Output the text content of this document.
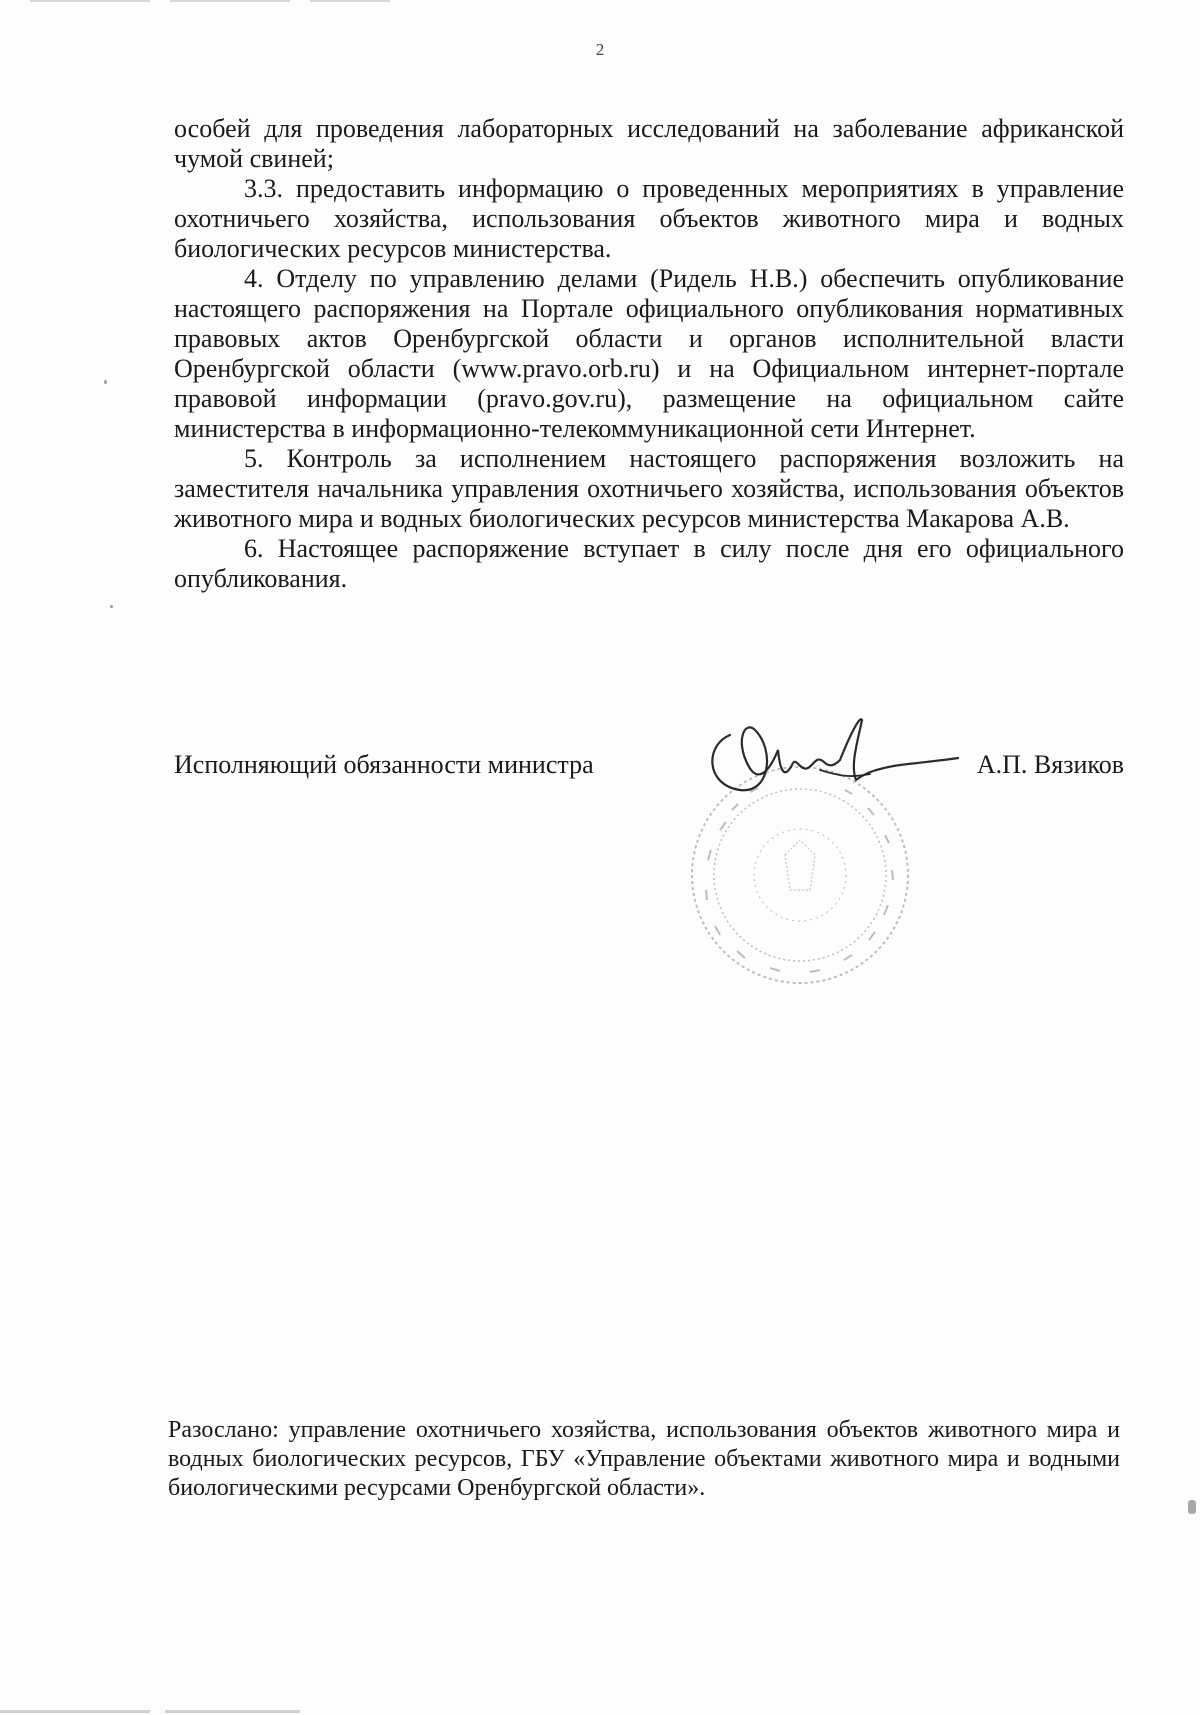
2

особей для проведения лабораторных исследований на заболевание африканской чумой свиней;

3.3. предоставить информацию о проведенных мероприятиях в управление охотничьего хозяйства, использования объектов животного мира и водных биологических ресурсов министерства.

4. Отделу по управлению делами (Ридель Н.В.) обеспечить опубликование настоящего распоряжения на Портале официального опубликования нормативных правовых актов Оренбургской области и органов исполнительной власти Оренбургской области (www.pravo.orb.ru) и на Официальном интернет-портале правовой информации (pravo.gov.ru), размещение на официальном сайте министерства в информационно-телекоммуникационной сети Интернет.

5. Контроль за исполнением настоящего распоряжения возложить на заместителя начальника управления охотничьего хозяйства, использования объектов животного мира и водных биологических ресурсов министерства Макарова А.В.

6. Настоящее распоряжение вступает в силу после дня его официального опубликования.

Исполняющий обязанности министра	А.П. Вязиков
Разослано: управление охотничьего хозяйства, использования объектов животного мира и водных биологических ресурсов, ГБУ «Управление объектами животного мира и водными биологическими ресурсами Оренбургской области».
